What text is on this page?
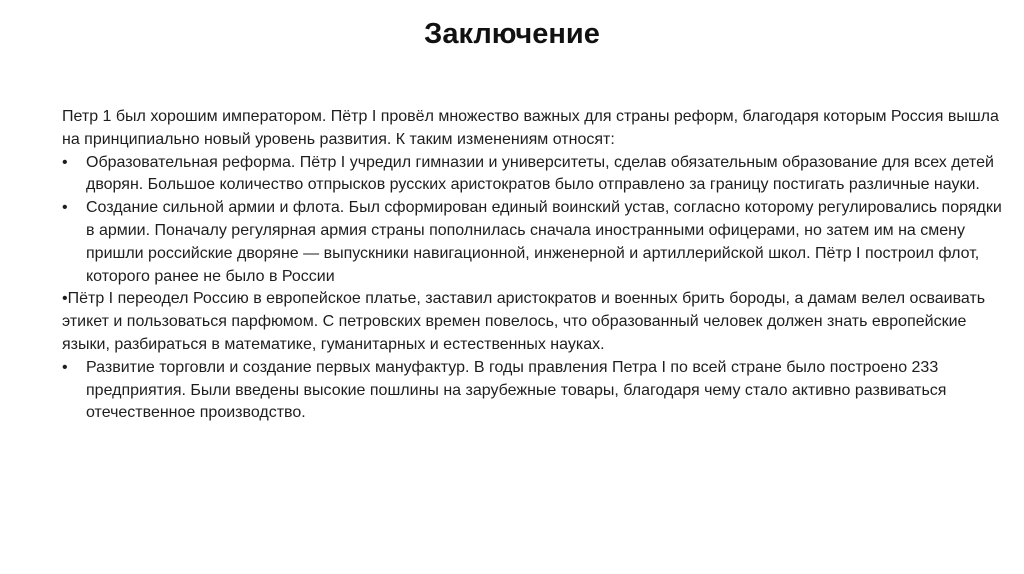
Заключение

Петр 1 был хорошим императором. Пётр I провёл множество важных для страны реформ, благодаря которым Россия вышла на принципиально новый уровень развития. К таким изменениям относят:

• Образовательная реформа. Пётр I учредил гимназии и университеты, сделав обязательным образование для всех детей дворян. Большое количество отпрысков русских аристократов было отправлено за границу постигать различные науки.
• Создание сильной армии и флота. Был сформирован единый воинский устав, согласно которому регулировались порядки в армии. Поначалу регулярная армия страны пополнилась сначала иностранными офицерами, но затем им на смену пришли российские дворяне — выпускники навигационной, инженерной и артиллерийской школ. Пётр I построил флот, которого ранее не было в России

•Пётр I переодел Россию в европейское платье, заставил аристократов и военных брить бороды, а дамам велел осваивать этикет и пользоваться парфюмом. С петровских времен повелось, что образованный человек должен знать европейские языки, разбираться в математике, гуманитарных и естественных науках.

• Развитие торговли и создание первых мануфактур. В годы правления Петра I по всей стране было построено 233 предприятия. Были введены высокие пошлины на зарубежные товары, благодаря чему стало активно развиваться отечественное производство.
